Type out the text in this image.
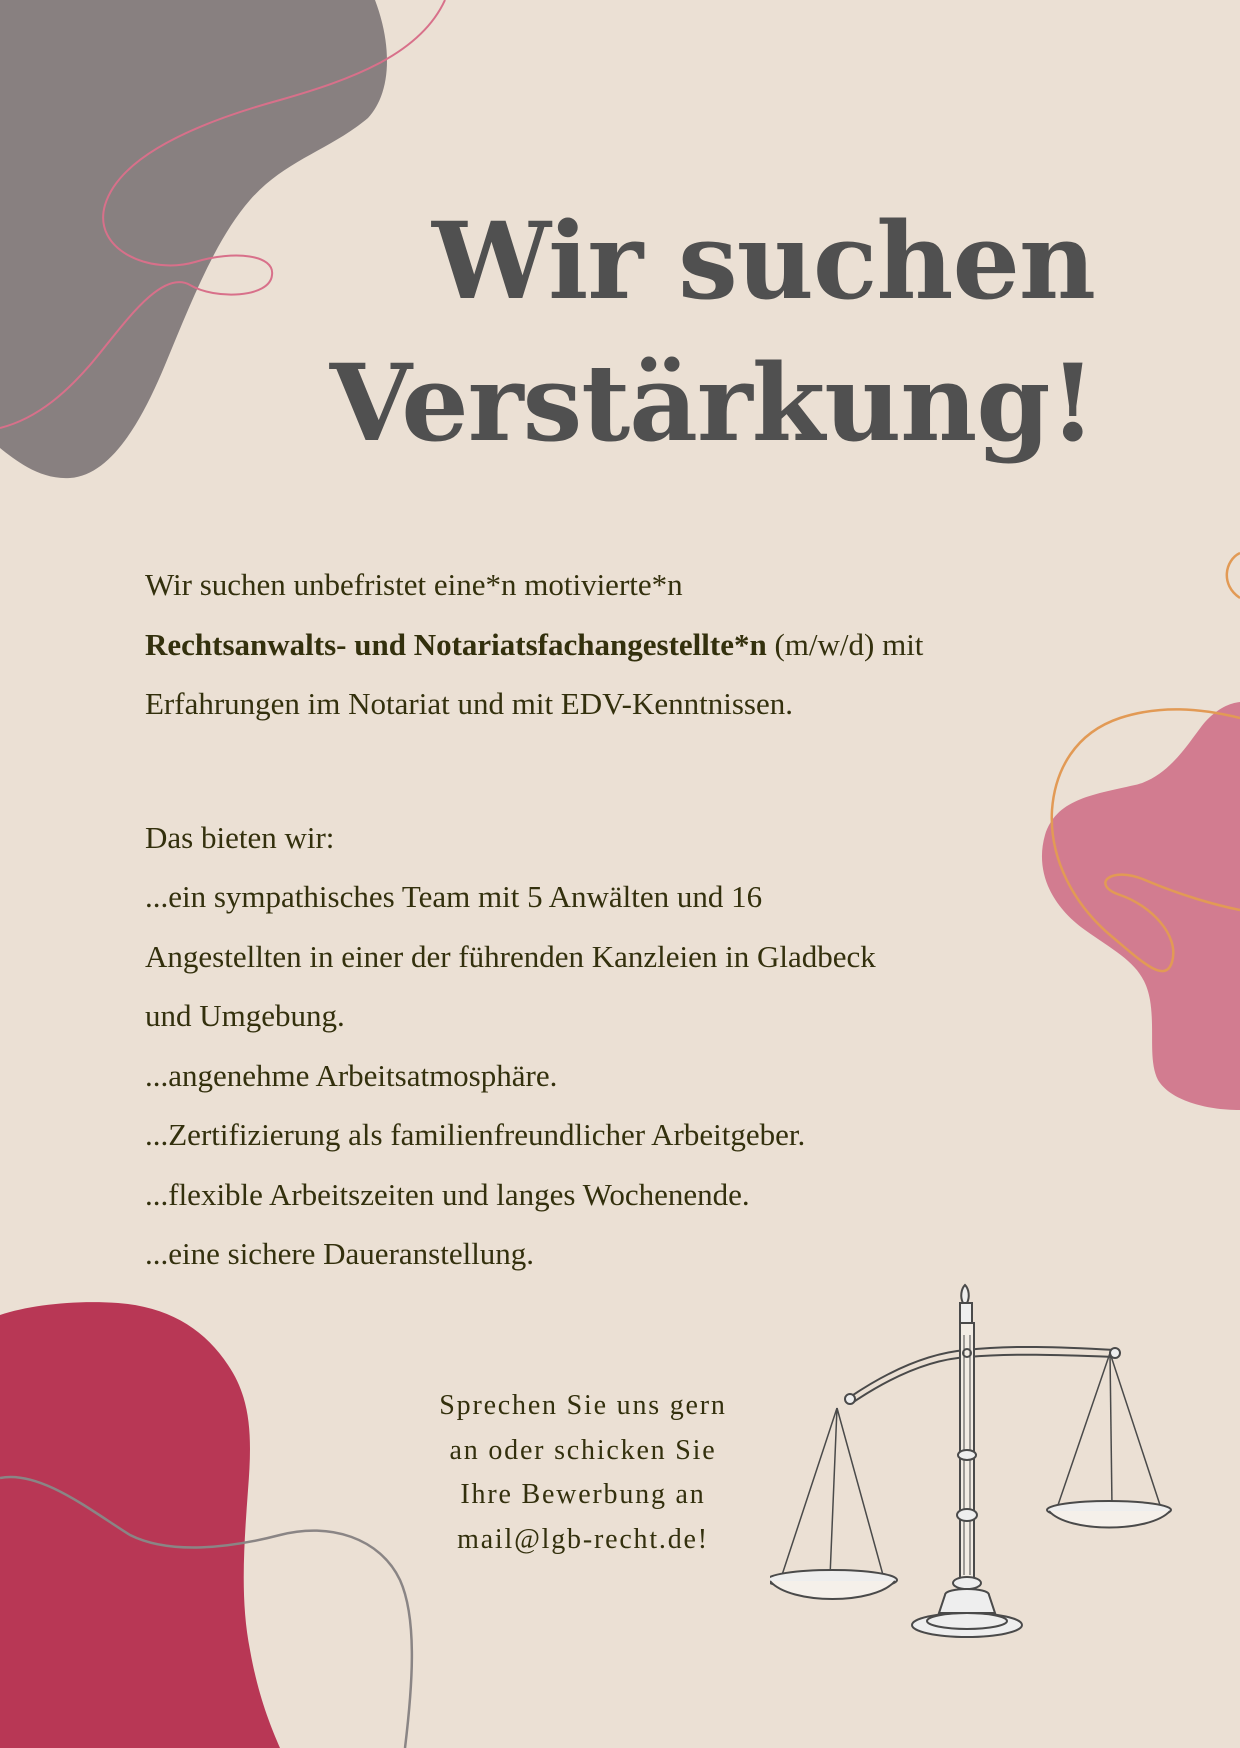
Wir suchen
Verstärkung!

Wir suchen unbefristet eine*n motivierte*n

Rechtsanwalts- und Notariatsfachangestellte*n (m/w/d) mit

Erfahrungen im Notariat und mit EDV-Kenntnissen.

Das bieten wir:

...ein sympathisches Team mit 5 Anwälten und 16

Angestellten in einer der führenden Kanzleien in Gladbeck

und Umgebung.

...angenehme Arbeitsatmosphäre.

...Zertifizierung als familienfreundlicher Arbeitgeber.

...flexible Arbeitszeiten und langes Wochenende.

...eine sichere Daueranstellung.

Sprechen Sie uns gern
an oder schicken Sie
Ihre Bewerbung an
mail@lgb-recht.de!
